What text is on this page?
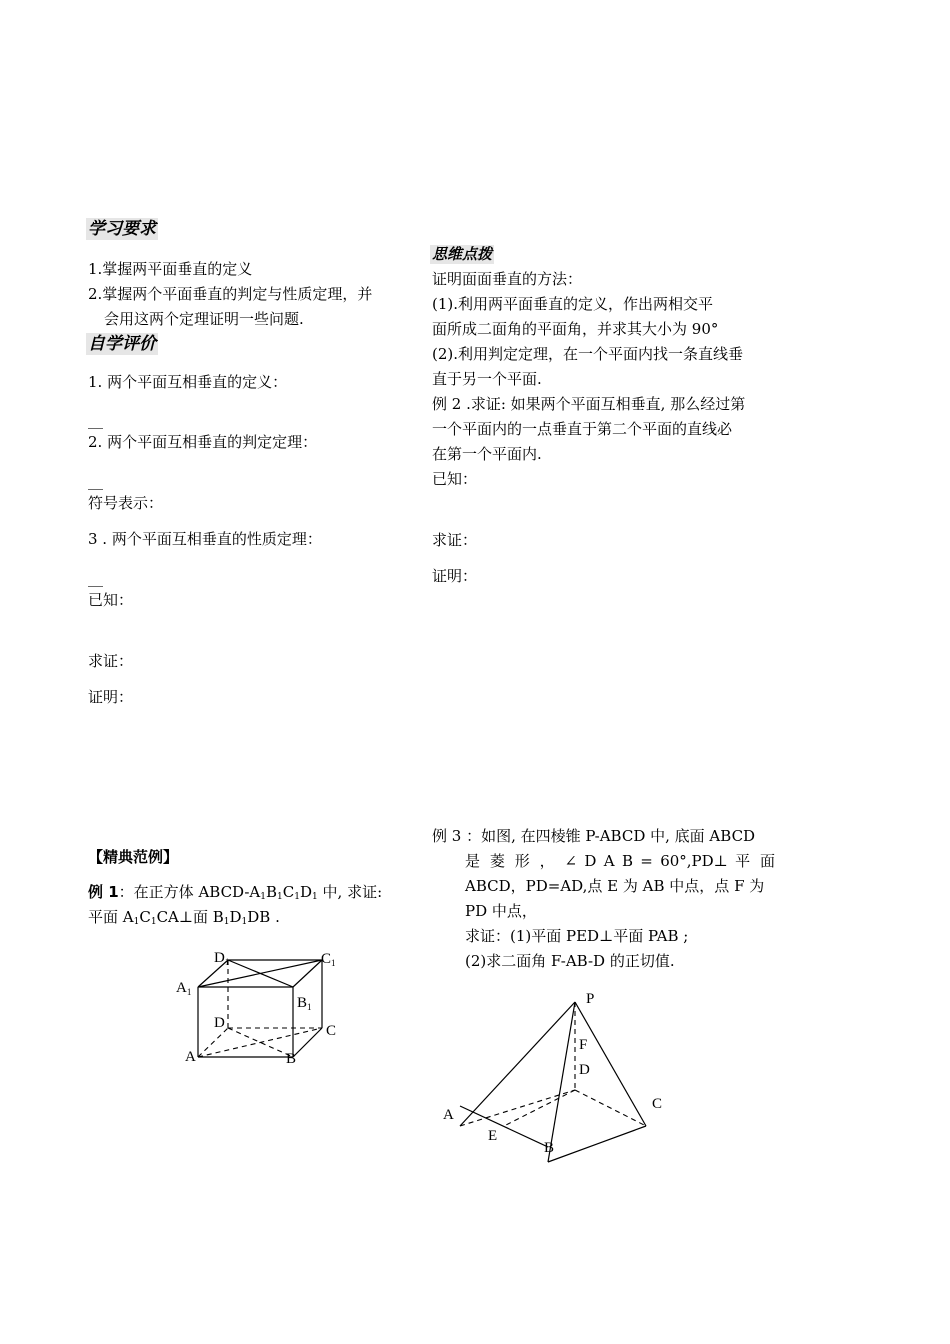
学习要求
1.掌握两平面垂直的定义
2.掌握两个平面垂直的判定与性质定理，并
会用这两个定理证明一些问题.
自学评价
1. 两个平面互相垂直的定义：
__
2. 两个平面互相垂直的判定定理：
__
符号表示：
3 . 两个平面互相垂直的性质定理：
__
已知：
求证：
证明：
【精典范例】
例 1：在正方体 ABCD-$A_1B_1C_1D_1$ 中, 求证:
平面 $A_1C_1CA\perp$面 $B_1D_1DB$ .
$D_1$	$C_1$
$A_1$
$B_1$
D	C
A	B
思维点拨
证明面面垂直的方法：
(1).利用两平面垂直的定义，作出两相交平
面所成二面角的平面角，并求其大小为 90°
(2).利用判定定理，在一个平面内找一条直线垂
直于另一个平面.
例 2 .求证: 如果两个平面互相垂直, 那么经过第
一个平面内的一点垂直于第二个平面的直线必
在第一个平面内.
已知：
求证：
证明：
例 3 ：如图, 在四棱锥 P-ABCD 中, 底面 ABCD
是 菱 形 ， ∠ D A B = 60°,PD⊥ 平 面
ABCD，PD=AD,点 E 为 AB 中点，点 F 为
PD 中点，
求证：(1)平面 PED⊥平面 PAB ;
(2)求二面角 F-AB-D 的正切值.
P
F
D
A
C
E
B
